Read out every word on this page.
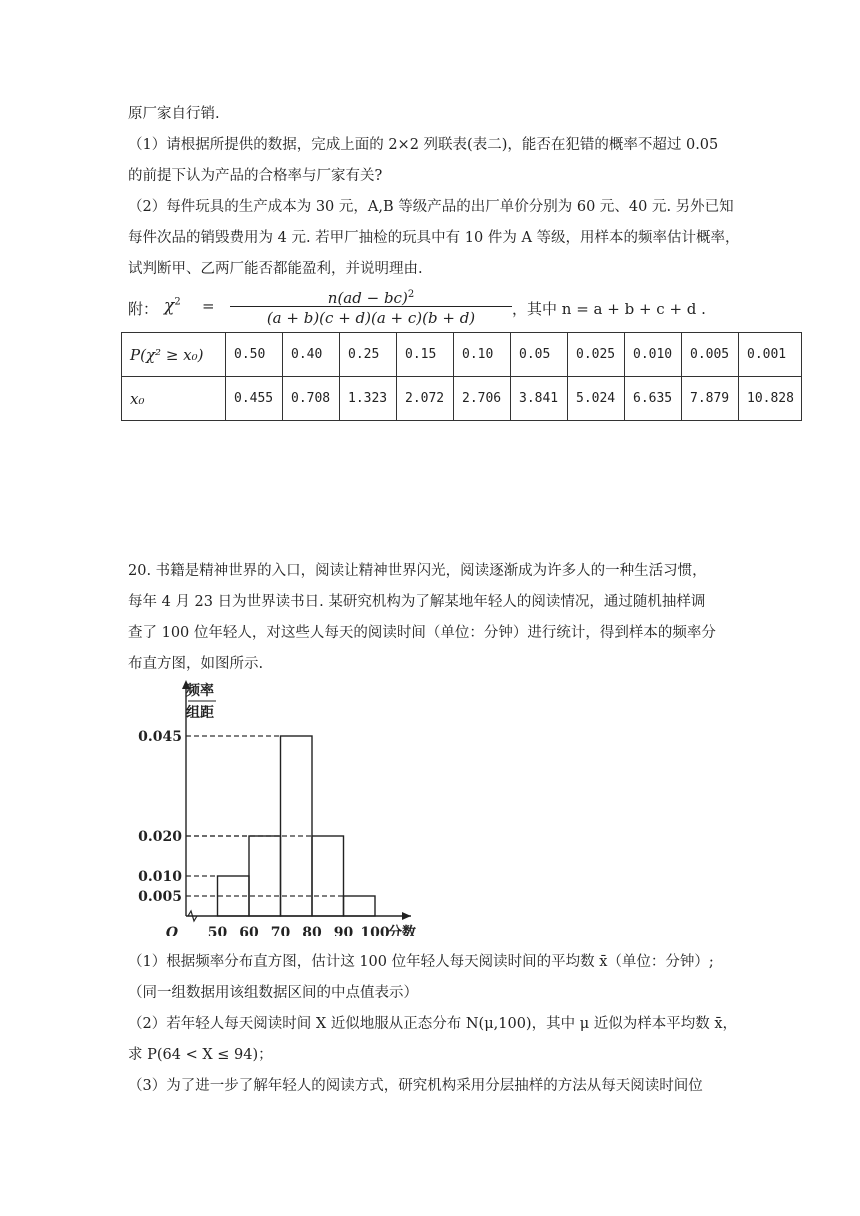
原厂家自行销.
（1）请根据所提供的数据，完成上面的 2×2 列联表(表二)，能否在犯错的概率不超过 0.05
的前提下认为产品的合格率与厂家有关?
（2）每件玩具的生产成本为 30 元，A,B 等级产品的出厂单价分别为 60 元、40 元. 另外已知
每件次品的销毁费用为 4 元. 若甲厂抽检的玩具中有 10 件为 A 等级，用样本的频率估计概率，
试判断甲、乙两厂能否都能盈利，并说明理由.
附： $\chi^2$ =	n(ad − bc)$^2$
(a + b)(c + d)(a + c)(b + d)	，其中 n = a + b + c + d .
P(χ² ≥ x₀)	0.50	0.40	0.25	0.15	0.10	0.05	0.025	0.010	0.005	0.001
x₀	0.455	0.708	1.323	2.072	2.706	3.841	5.024	6.635	7.879	10.828
20. 书籍是精神世界的入口，阅读让精神世界闪光，阅读逐渐成为许多人的一种生活习惯，
每年 4 月 23 日为世界读书日. 某研究机构为了解某地年轻人的阅读情况，通过随机抽样调
查了 100 位年轻人，对这些人每天的阅读时间（单位：分钟）进行统计，得到样本的频率分
布直方图，如图所示.
0.005
0.010
0.020
0.045
50 60 70 80 90 100
分数
O
频率
组距
（1）根据频率分布直方图，估计这 100 位年轻人每天阅读时间的平均数 x̄（单位：分钟）;
（同一组数据用该组数据区间的中点值表示）
（2）若年轻人每天阅读时间 X 近似地服从正态分布 N(μ,100)，其中 μ 近似为样本平均数 x̄，
求 P(64 < X ≤ 94)；
（3）为了进一步了解年轻人的阅读方式，研究机构采用分层抽样的方法从每天阅读时间位
